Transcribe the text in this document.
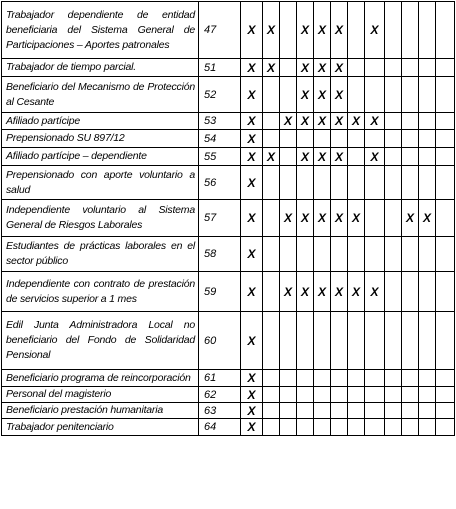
Trabajador dependiente de entidad beneficiaria del Sistema General de Participaciones – Aportes patronales	47	X	X		X	X	X		X				
Trabajador de tiempo parcial.	51	X	X		X	X	X						
Beneficiario del Mecanismo de Protección al Cesante	52	X			X	X	X						
Afiliado partícipe	53	X		X	X	X	X	X	X				
Prepensionado SU 897/12	54	X											
Afiliado partícipe – dependiente	55	X	X		X	X	X		X				
Prepensionado con aporte voluntario a salud	56	X											
Independiente voluntario al Sistema General de Riesgos Laborales	57	X		X	X	X	X	X			X	X	
Estudiantes de prácticas laborales en el sector público	58	X											
Independiente con contrato de prestación de servicios superior a 1 mes	59	X		X	X	X	X	X	X				
Edil Junta Administradora Local no beneficiario del Fondo de Solidaridad Pensional	60	X											
Beneficiario programa de reincorporación	61	X											
Personal del magisterio	62	X											
Beneficiario prestación humanitaria	63	X											
Trabajador penitenciario	64	X											
